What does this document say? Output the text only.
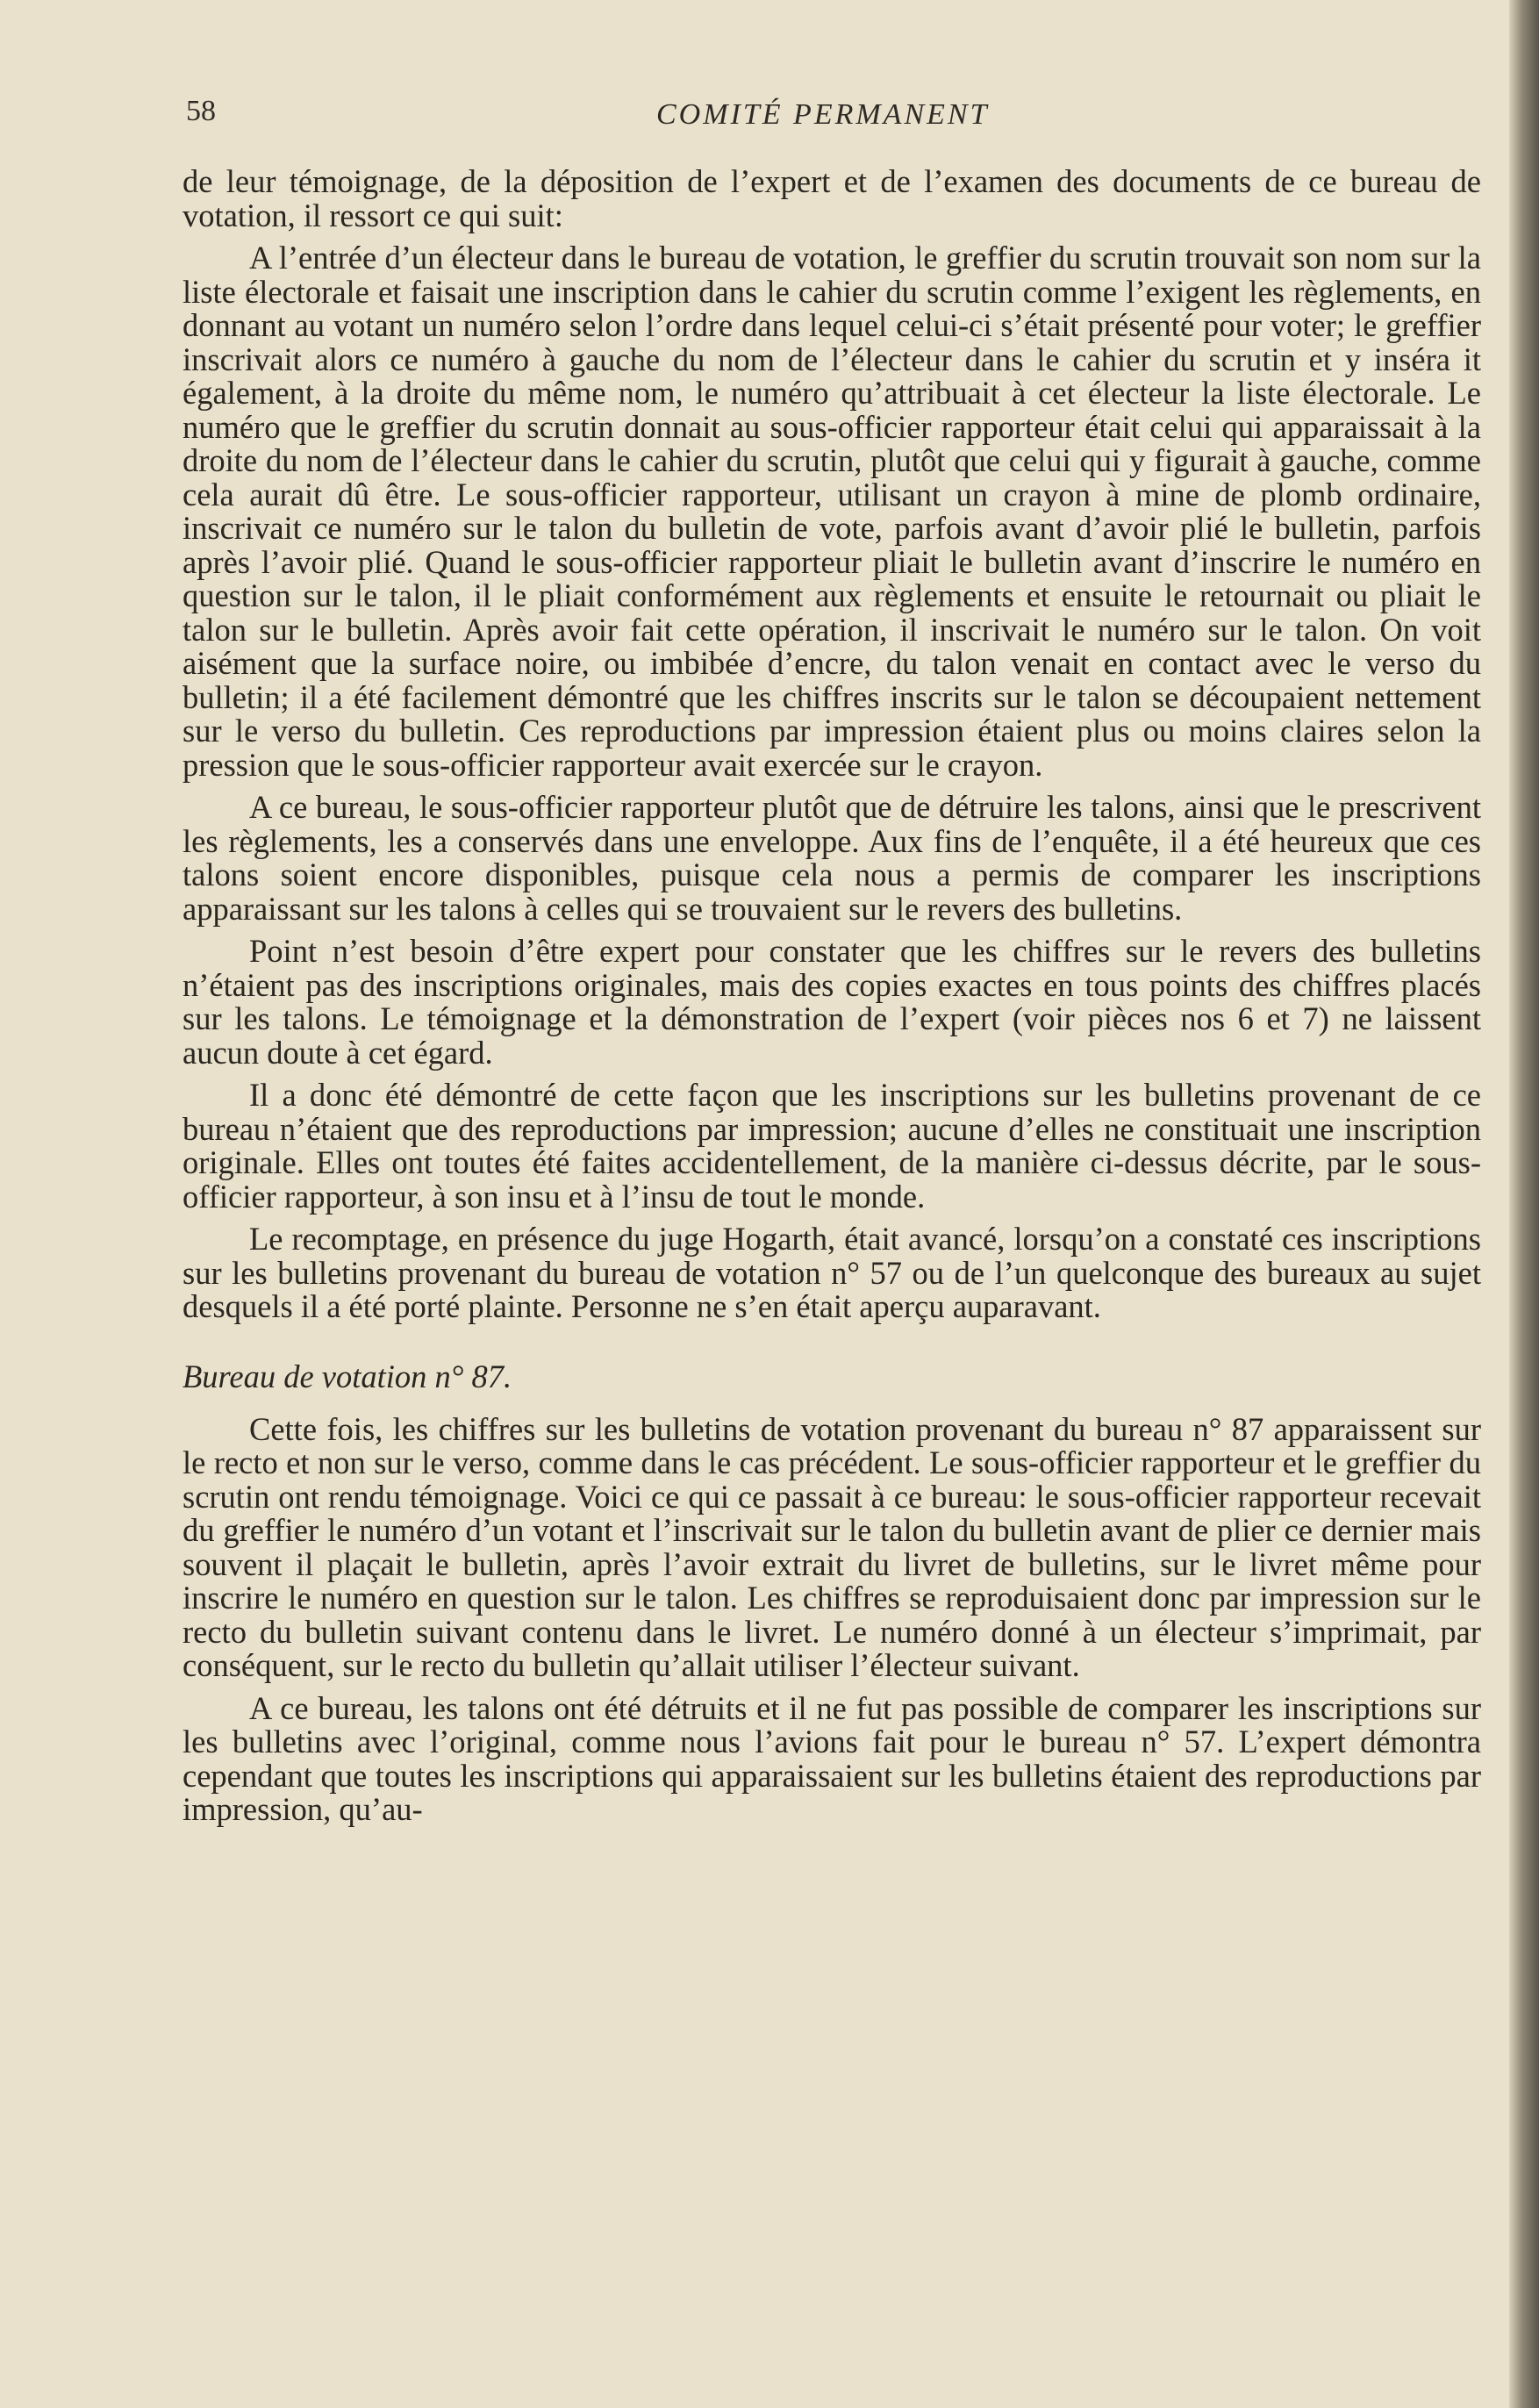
58	COMITÉ PERMANENT

de leur témoignage, de la déposition de l’expert et de l’examen des documents de ce bureau de votation, il ressort ce qui suit:

A l’entrée d’un électeur dans le bureau de votation, le greffier du scrutin trouvait son nom sur la liste électorale et faisait une inscription dans le cahier du scrutin comme l’exigent les règlements, en donnant au votant un numéro selon l’ordre dans lequel celui-ci s’était présenté pour voter; le greffier inscrivait alors ce numéro à gauche du nom de l’électeur dans le cahier du scrutin et y inséra it également, à la droite du même nom, le numéro qu’attribuait à cet électeur la liste électorale. Le numéro que le greffier du scrutin donnait au sous-officier rapporteur était celui qui apparaissait à la droite du nom de l’électeur dans le cahier du scrutin, plutôt que celui qui y figurait à gauche, comme cela aurait dû être. Le sous-officier rapporteur, utilisant un crayon à mine de plomb ordinaire, inscrivait ce numéro sur le talon du bulletin de vote, parfois avant d’avoir plié le bulletin, parfois après l’avoir plié. Quand le sous-officier rapporteur pliait le bulletin avant d’inscrire le numéro en question sur le talon, il le pliait conformément aux règlements et ensuite le retournait ou pliait le talon sur le bulletin. Après avoir fait cette opération, il inscrivait le numéro sur le talon. On voit aisément que la surface noire, ou imbibée d’encre, du talon venait en contact avec le verso du bulletin; il a été facilement démontré que les chiffres inscrits sur le talon se découpaient nettement sur le verso du bulletin. Ces reproductions par impression étaient plus ou moins claires selon la pression que le sous-officier rapporteur avait exercée sur le crayon.

A ce bureau, le sous-officier rapporteur plutôt que de détruire les talons, ainsi que le prescrivent les règlements, les a conservés dans une enveloppe. Aux fins de l’enquête, il a été heureux que ces talons soient encore disponibles, puisque cela nous a permis de comparer les inscriptions apparaissant sur les talons à celles qui se trouvaient sur le revers des bulletins.

Point n’est besoin d’être expert pour constater que les chiffres sur le revers des bulletins n’étaient pas des inscriptions originales, mais des copies exactes en tous points des chiffres placés sur les talons. Le témoignage et la démonstration de l’expert (voir pièces nos 6 et 7) ne laissent aucun doute à cet égard.

Il a donc été démontré de cette façon que les inscriptions sur les bulletins provenant de ce bureau n’étaient que des reproductions par impression; aucune d’elles ne constituait une inscription originale. Elles ont toutes été faites accidentellement, de la manière ci-dessus décrite, par le sous-officier rapporteur, à son insu et à l’insu de tout le monde.

Le recomptage, en présence du juge Hogarth, était avancé, lorsqu’on a constaté ces inscriptions sur les bulletins provenant du bureau de votation n° 57 ou de l’un quelconque des bureaux au sujet desquels il a été porté plainte. Personne ne s’en était aperçu auparavant.

Bureau de votation n° 87.

Cette fois, les chiffres sur les bulletins de votation provenant du bureau n° 87 apparaissent sur le recto et non sur le verso, comme dans le cas précédent. Le sous-officier rapporteur et le greffier du scrutin ont rendu témoignage. Voici ce qui ce passait à ce bureau: le sous-officier rapporteur recevait du greffier le numéro d’un votant et l’inscrivait sur le talon du bulletin avant de plier ce dernier mais souvent il plaçait le bulletin, après l’avoir extrait du livret de bulletins, sur le livret même pour inscrire le numéro en question sur le talon. Les chiffres se reproduisaient donc par impression sur le recto du bulletin suivant contenu dans le livret. Le numéro donné à un électeur s’imprimait, par conséquent, sur le recto du bulletin qu’allait utiliser l’électeur suivant.

A ce bureau, les talons ont été détruits et il ne fut pas possible de comparer les inscriptions sur les bulletins avec l’original, comme nous l’avions fait pour le bureau n° 57. L’expert démontra cependant que toutes les inscriptions qui apparaissaient sur les bulletins étaient des reproductions par impression, qu’au-
